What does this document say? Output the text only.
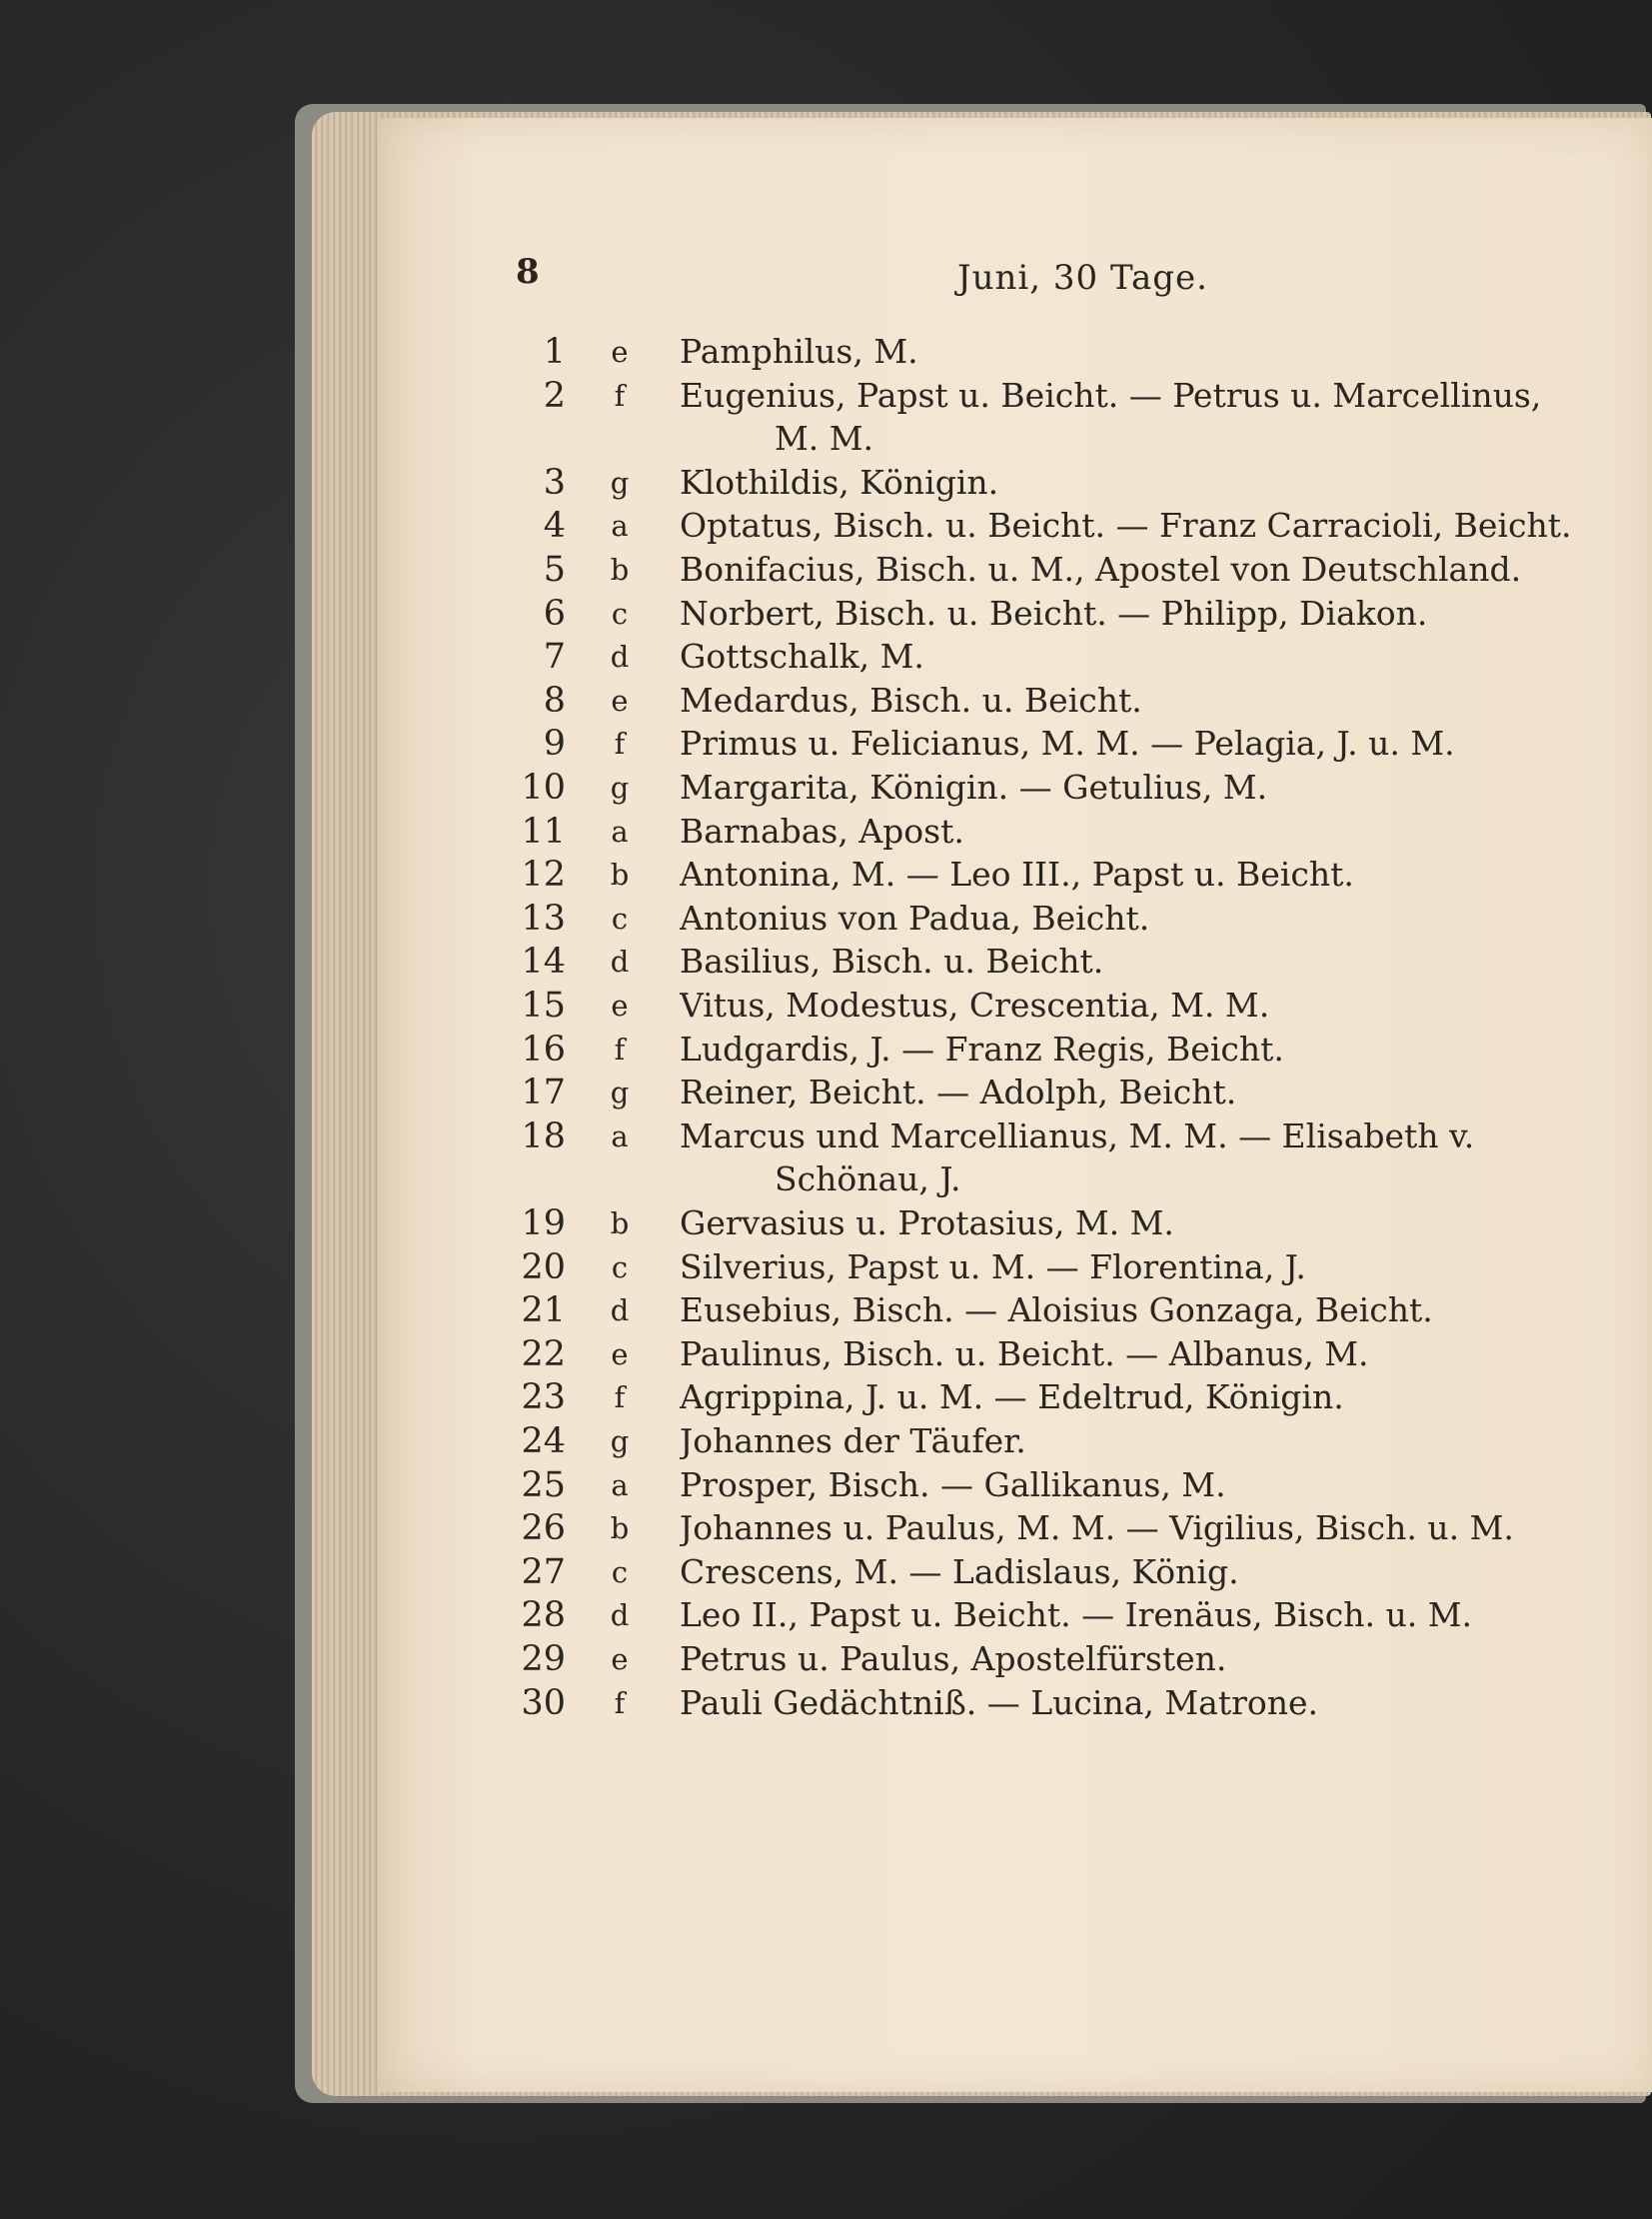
8	Juni, 30 Tage.
1 e Pamphilus, M.
2 f Eugenius, Papst u. Beicht. — Petrus u. Marcellinus,
M. M.
3 g Klothildis, Königin.
4 a Optatus, Bisch. u. Beicht. — Franz Carracioli, Beicht.
5 b Bonifacius, Bisch. u. M., Apostel von Deutschland.
6 c Norbert, Bisch. u. Beicht. — Philipp, Diakon.
7 d Gottschalk, M.
8 e Medardus, Bisch. u. Beicht.
9 f Primus u. Felicianus, M. M. — Pelagia, J. u. M.
10 g Margarita, Königin. — Getulius, M.
11 a Barnabas, Apost.
12 b Antonina, M. — Leo III., Papst u. Beicht.
13 c Antonius von Padua, Beicht.
14 d Basilius, Bisch. u. Beicht.
15 e Vitus, Modestus, Crescentia, M. M.
16 f Ludgardis, J. — Franz Regis, Beicht.
17 g Reiner, Beicht. — Adolph, Beicht.
18 a Marcus und Marcellianus, M. M. — Elisabeth v.
Schönau, J.
19 b Gervasius u. Protasius, M. M.
20 c Silverius, Papst u. M. — Florentina, J.
21 d Eusebius, Bisch. — Aloisius Gonzaga, Beicht.
22 e Paulinus, Bisch. u. Beicht. — Albanus, M.
23 f Agrippina, J. u. M. — Edeltrud, Königin.
24 g Johannes der Täufer.
25 a Prosper, Bisch. — Gallikanus, M.
26 b Johannes u. Paulus, M. M. — Vigilius, Bisch. u. M.
27 c Crescens, M. — Ladislaus, König.
28 d Leo II., Papst u. Beicht. — Irenäus, Bisch. u. M.
29 e Petrus u. Paulus, Apostelfürsten.
30 f Pauli Gedächtniß. — Lucina, Matrone.
